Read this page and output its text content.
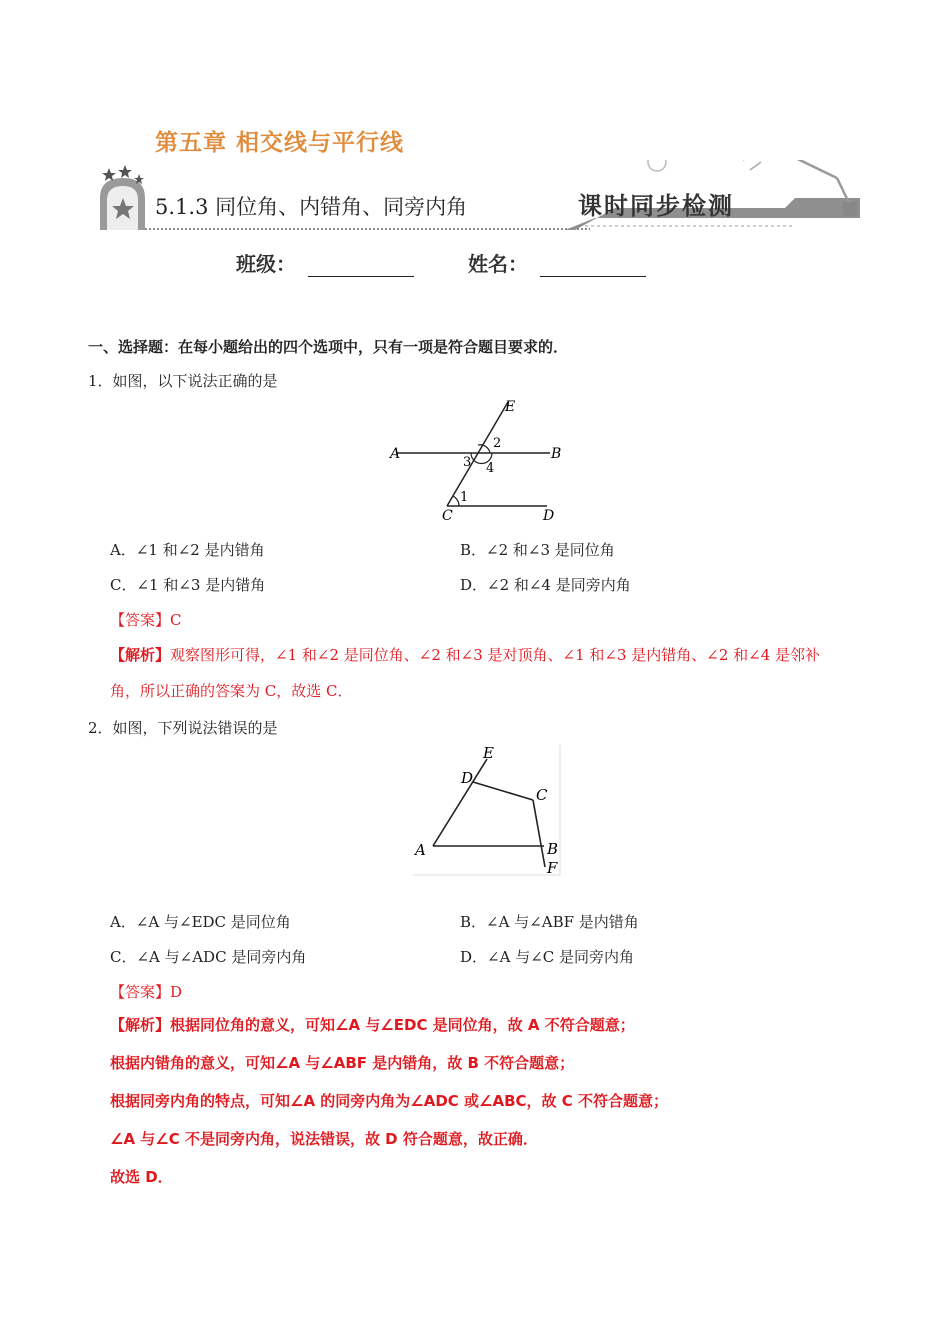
第五章 相交线与平行线
5.1.3 同位角、内错角、同旁内角	课时同步检测
班级：	姓名：
一、选择题：在每小题给出的四个选项中，只有一项是符合题目要求的．
1．如图，以下说法正确的是
E
A	B
C	D
2
3 4
1
A．∠1 和∠2 是内错角	B．∠2 和∠3 是同位角
C．∠1 和∠3 是内错角	D．∠2 和∠4 是同旁内角
【答案】C
【解析】观察图形可得，∠1 和∠2 是同位角、∠2 和∠3 是对顶角、∠1 和∠3 是内错角、∠2 和∠4 是邻补
角，所以正确的答案为 C，故选 C．
2．如图，下列说法错误的是
E
D
C
A	B
F
A．∠A 与∠EDC 是同位角	B．∠A 与∠ABF 是内错角
C．∠A 与∠ADC 是同旁内角	D．∠A 与∠C 是同旁内角
【答案】D
【解析】根据同位角的意义，可知∠A 与∠EDC 是同位角，故 A 不符合题意；
根据内错角的意义，可知∠A 与∠ABF 是内错角，故 B 不符合题意；
根据同旁内角的特点，可知∠A 的同旁内角为∠ADC 或∠ABC，故 C 不符合题意；
∠A 与∠C 不是同旁内角，说法错误，故 D 符合题意，故正确．
故选 D．
